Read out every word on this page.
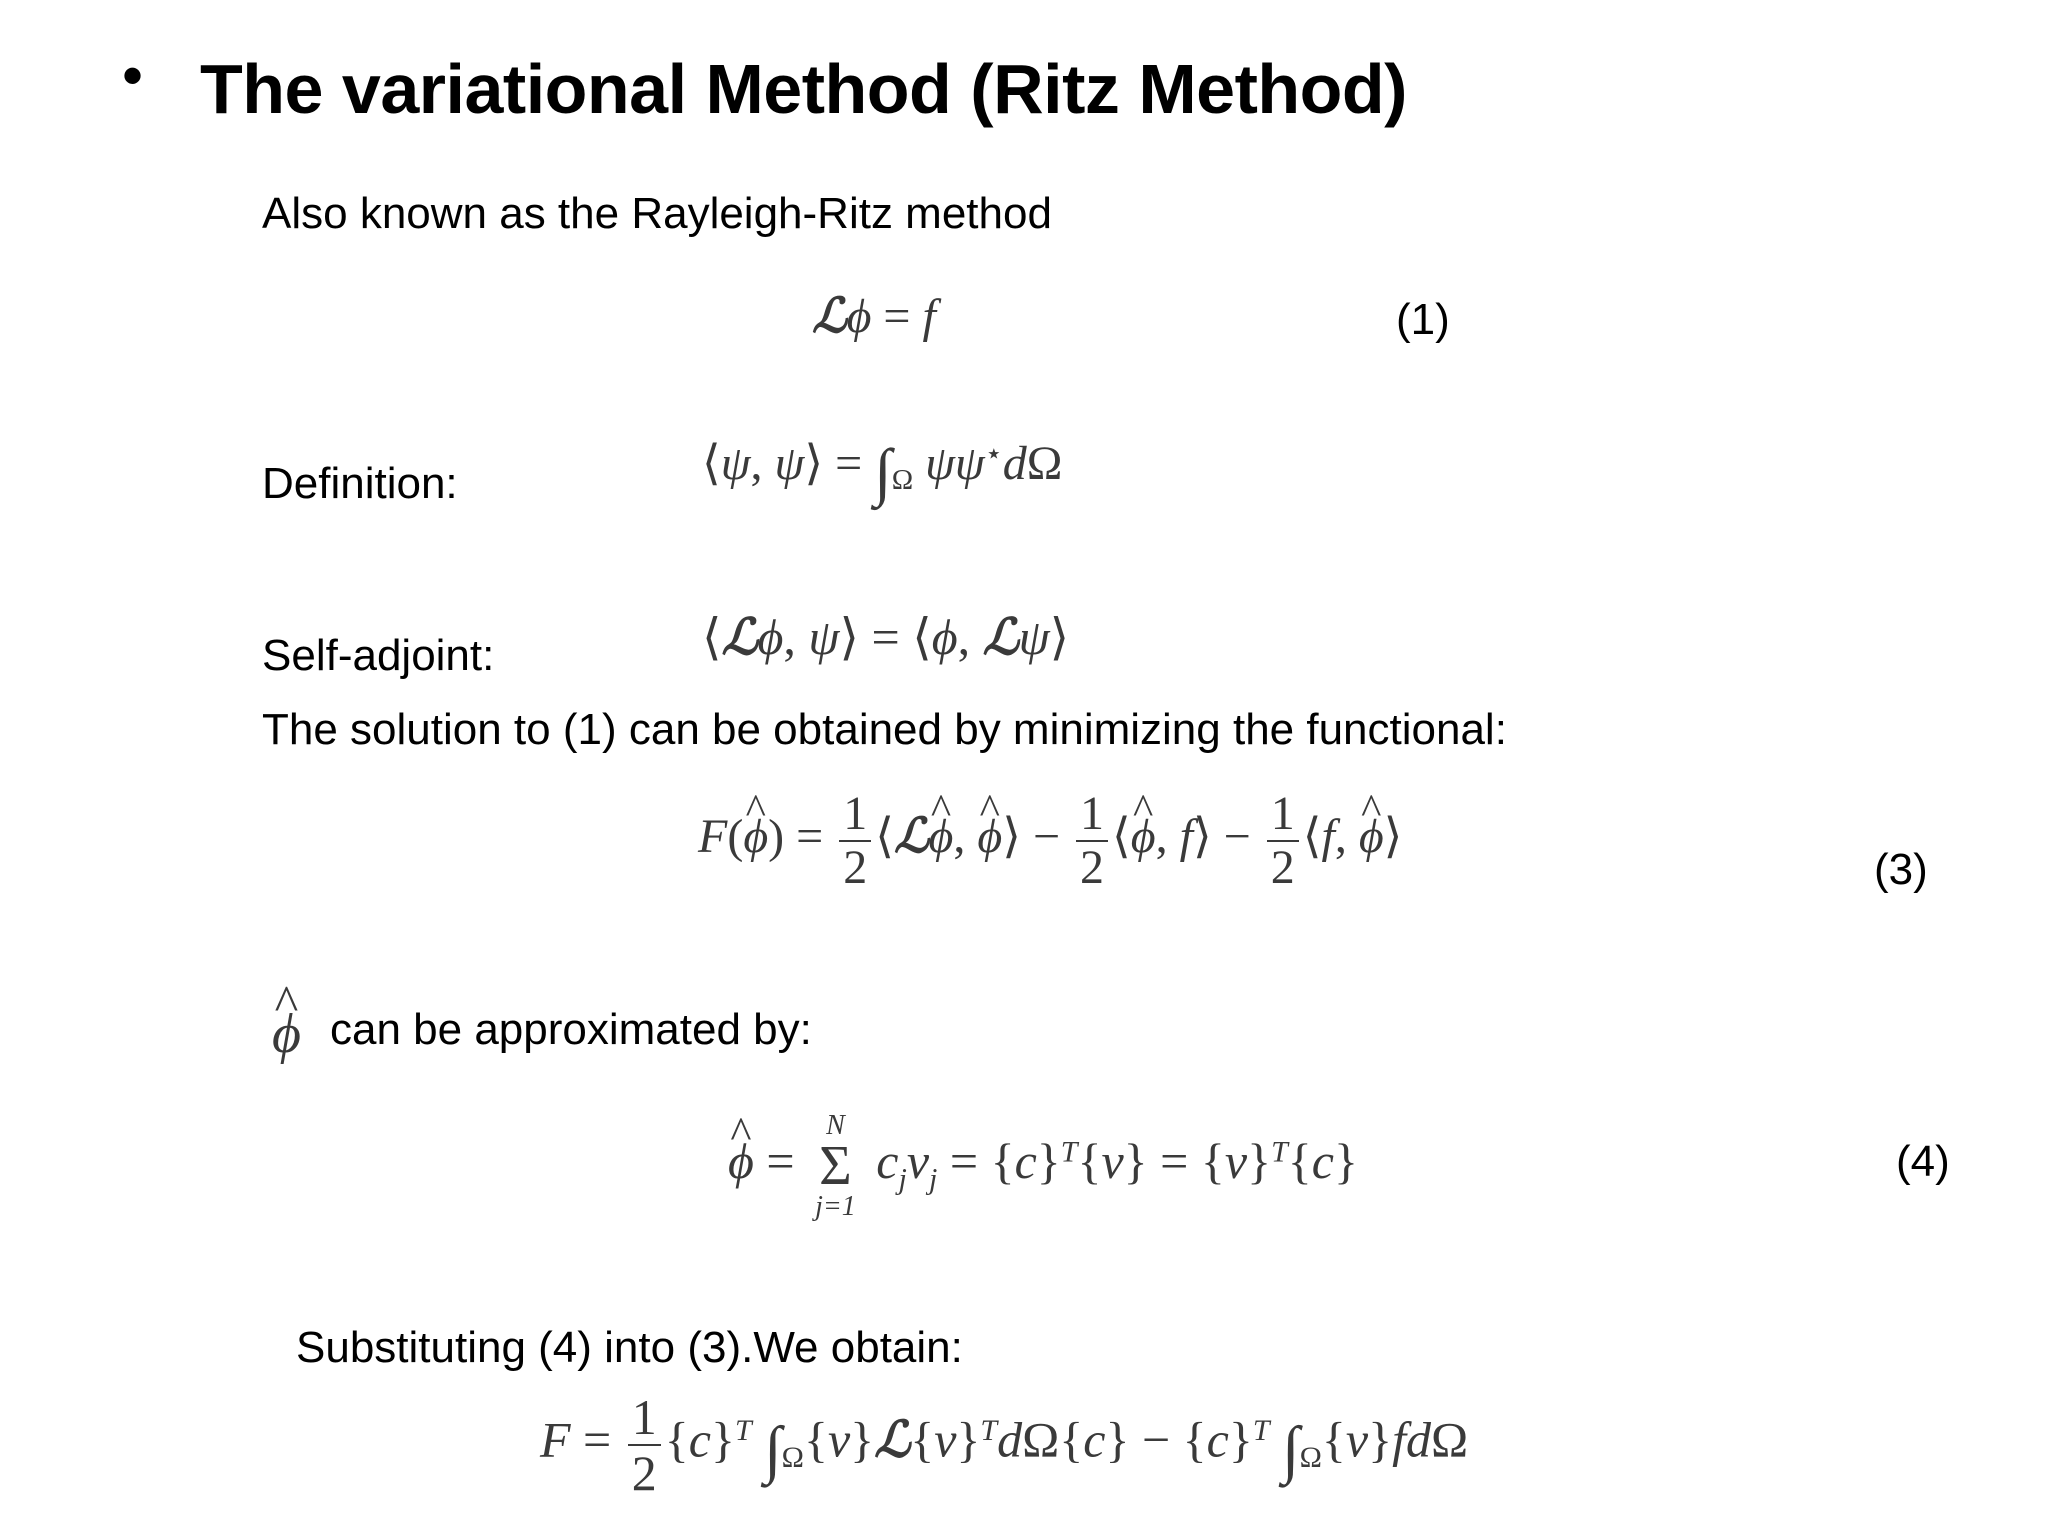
• The variational Method (Ritz Method)
Also known as the Rayleigh-Ritz method
ℒϕ = f	(1)
Definition:	⟨ψ, ψ⟩ = $\int_\Omega$ ψψ⋆dΩ
⟨ℒϕ, ψ⟩ = ⟨ϕ, ℒψ⟩
Self-adjoint:
The solution to (1) can be obtained by minimizing the functional:
F(^ $\phi) = \frac{1}{2}$ ⟨ℒ^ ϕ, ^ ϕ⟩ − $\frac{1}{2}$ ⟨^ ϕ, f⟩ − $\frac{1}{2}$ ⟨f, ^ ϕ⟩
(3)
^ ϕ can be approximated by:
^ ϕ =
N
Σ
j=1
$c_jv_j = \{c\}^T\{v\} = \{v\}^T\{c\}$	(4)
Substituting (4) into (3).We obtain:
$F = \frac{1}{2} \{c\}^T$ $\int_\Omega\{v\}ℒ\{v\}^Td\Omega\{c\} - \{c\}^T$ $\int_\Omega\{v\}fd\Omega$
